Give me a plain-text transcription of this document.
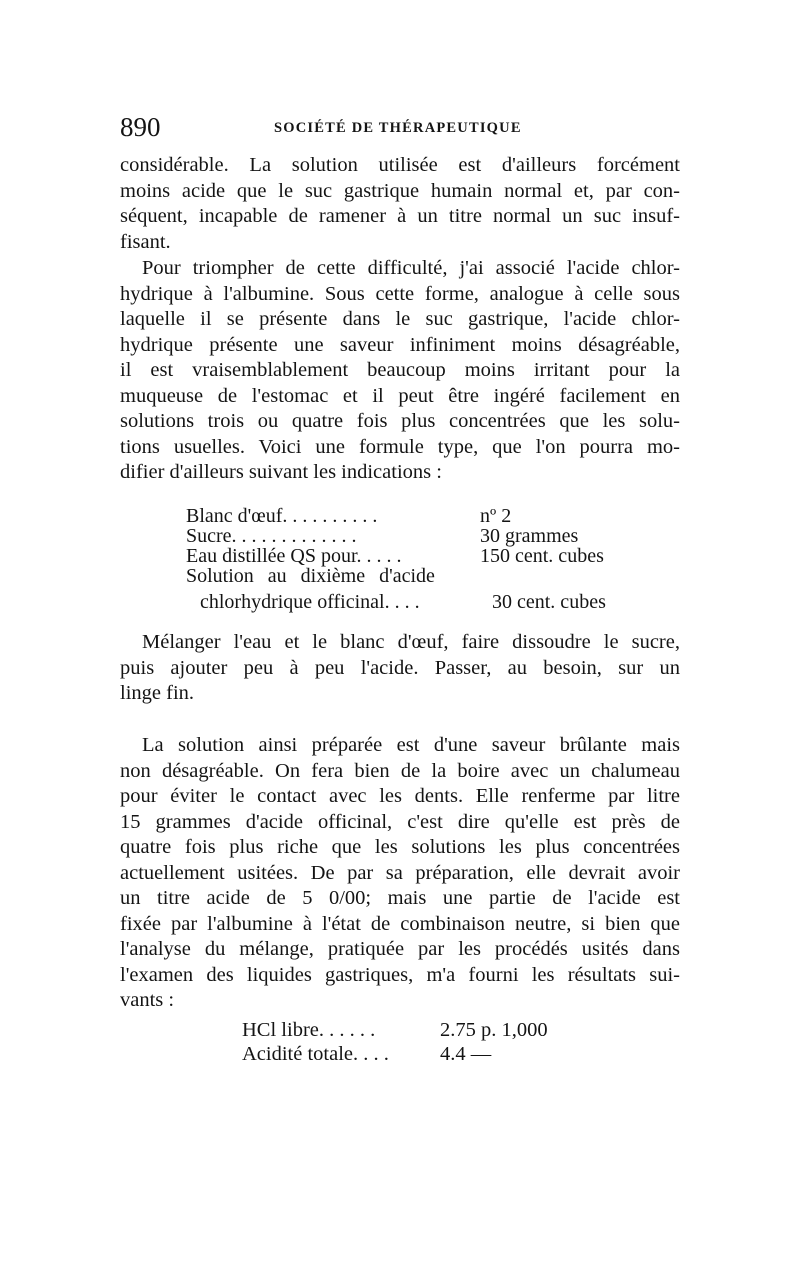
890	SOCIÉTÉ DE THÉRAPEUTIQUE
considérable. La solution utilisée est d'ailleurs forcément
moins acide que le suc gastrique humain normal et, par con-
séquent, incapable de ramener à un titre normal un suc insuf-
fisant.
Pour triompher de cette difficulté, j'ai associé l'acide chlor-
hydrique à l'albumine. Sous cette forme, analogue à celle sous
laquelle il se présente dans le suc gastrique, l'acide chlor-
hydrique présente une saveur infiniment moins désagréable,
il est vraisemblablement beaucoup moins irritant pour la
muqueuse de l'estomac et il peut être ingéré facilement en
solutions trois ou quatre fois plus concentrées que les solu-
tions usuelles. Voici une formule type, que l'on pourra mo-
difier d'ailleurs suivant les indications :
Blanc d'œuf. . . . . . . . . .	nº 2
Sucre. . . . . . . . . . . . .	30 grammes
Eau distillée QS pour. . . . .	150 cent. cubes
Solution au dixième d'acide
chlorhydrique officinal. . . .	30 cent. cubes
Mélanger l'eau et le blanc d'œuf, faire dissoudre le sucre,
puis ajouter peu à peu l'acide. Passer, au besoin, sur un
linge fin.
La solution ainsi préparée est d'une saveur brûlante mais
non désagréable. On fera bien de la boire avec un chalumeau
pour éviter le contact avec les dents. Elle renferme par litre
15 grammes d'acide officinal, c'est dire qu'elle est près de
quatre fois plus riche que les solutions les plus concentrées
actuellement usitées. De par sa préparation, elle devrait avoir
un titre acide de 5 0/00; mais une partie de l'acide est
fixée par l'albumine à l'état de combinaison neutre, si bien que
l'analyse du mélange, pratiquée par les procédés usités dans
l'examen des liquides gastriques, m'a fourni les résultats sui-
vants :
HCl libre. . . . . .	2.75 p. 1,000
Acidité totale. . . . 4.4 —
